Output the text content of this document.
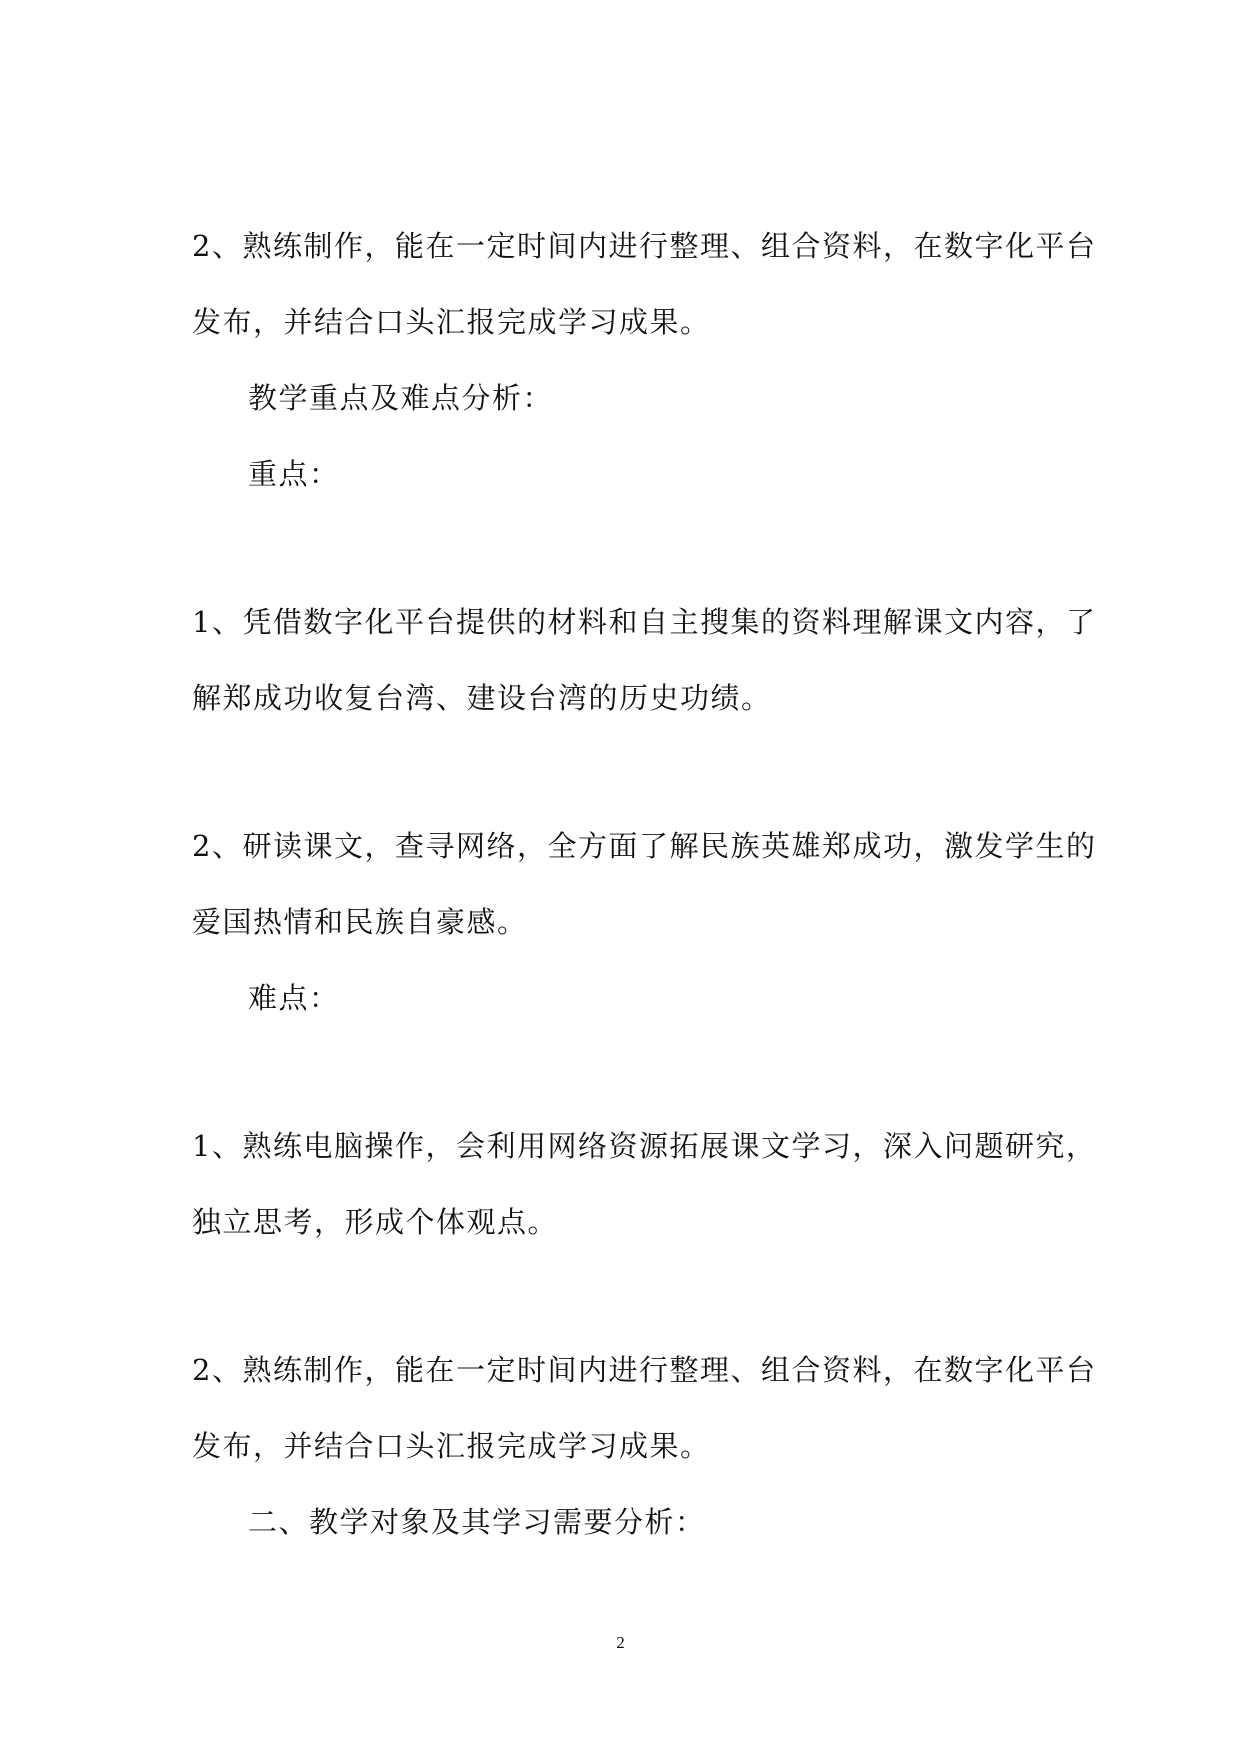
2、熟练制作，能在一定时间内进行整理、组合资料，在数字化平台
发布，并结合口头汇报完成学习成果。
教学重点及难点分析：
重点：
1、凭借数字化平台提供的材料和自主搜集的资料理解课文内容，了
解郑成功收复台湾、建设台湾的历史功绩。
2、研读课文，查寻网络，全方面了解民族英雄郑成功，激发学生的
爱国热情和民族自豪感。
难点：
1、熟练电脑操作，会利用网络资源拓展课文学习，深入问题研究，
独立思考，形成个体观点。
2、熟练制作，能在一定时间内进行整理、组合资料，在数字化平台
发布，并结合口头汇报完成学习成果。
二、教学对象及其学习需要分析：
2
